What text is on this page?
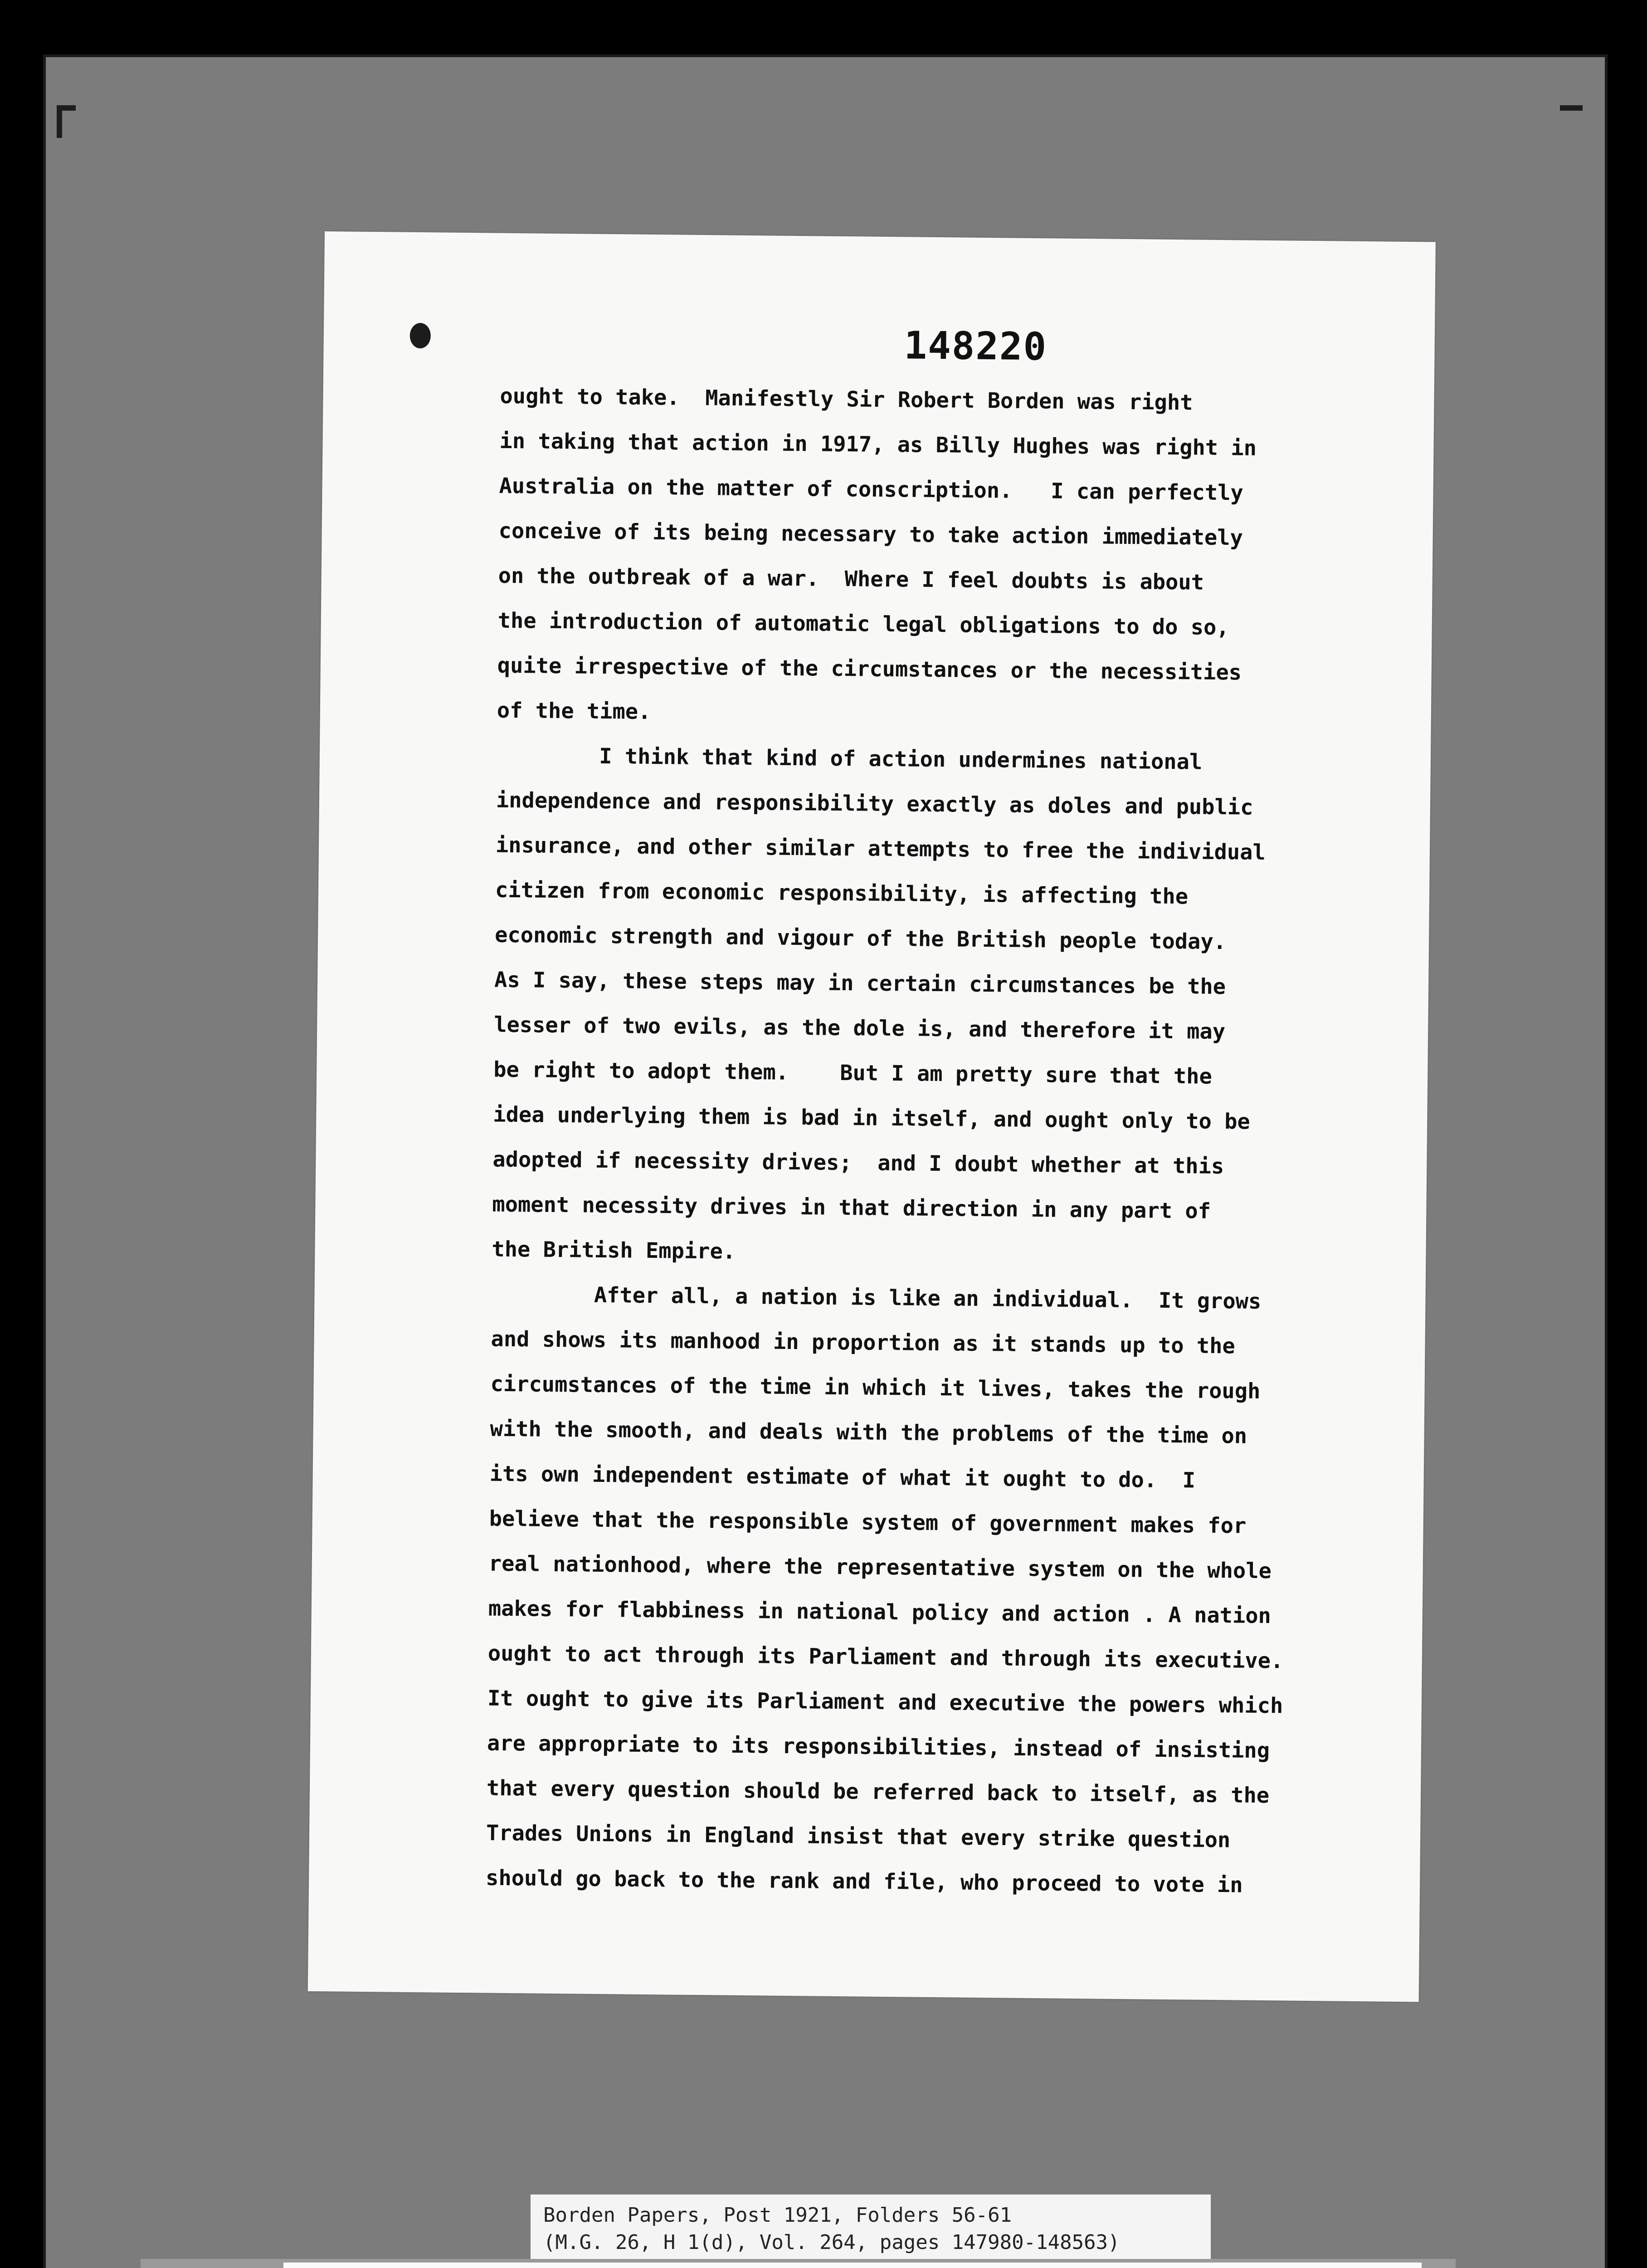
148220

ought to take.  Manifestly Sir Robert Borden was right

in taking that action in 1917, as Billy Hughes was right in

Australia on the matter of conscription.   I can perfectly

conceive of its being necessary to take action immediately

on the outbreak of a war.  Where I feel doubts is about

the introduction of automatic legal obligations to do so,

quite irrespective of the circumstances or the necessities

of the time.

I think that kind of action undermines national

independence and responsibility exactly as doles and public

insurance, and other similar attempts to free the individual

citizen from economic responsibility, is affecting the

economic strength and vigour of the British people today.

As I say, these steps may in certain circumstances be the

lesser of two evils, as the dole is, and therefore it may

be right to adopt them.    But I am pretty sure that the

idea underlying them is bad in itself, and ought only to be

adopted if necessity drives;  and I doubt whether at this

moment necessity drives in that direction in any part of

the British Empire.

After all, a nation is like an individual.  It grows

and shows its manhood in proportion as it stands up to the

circumstances of the time in which it lives, takes the rough

with the smooth, and deals with the problems of the time on

its own independent estimate of what it ought to do.  I

believe that the responsible system of government makes for

real nationhood, where the representative system on the whole

makes for flabbiness in national policy and action . A nation

ought to act through its Parliament and through its executive.

It ought to give its Parliament and executive the powers which

are appropriate to its responsibilities, instead of insisting

that every question should be referred back to itself, as the

Trades Unions in England insist that every strike question

should go back to the rank and file, who proceed to vote in

Borden Papers, Post 1921, Folders 56-61
(M.G. 26, H 1(d), Vol. 264, pages 147980-148563)
